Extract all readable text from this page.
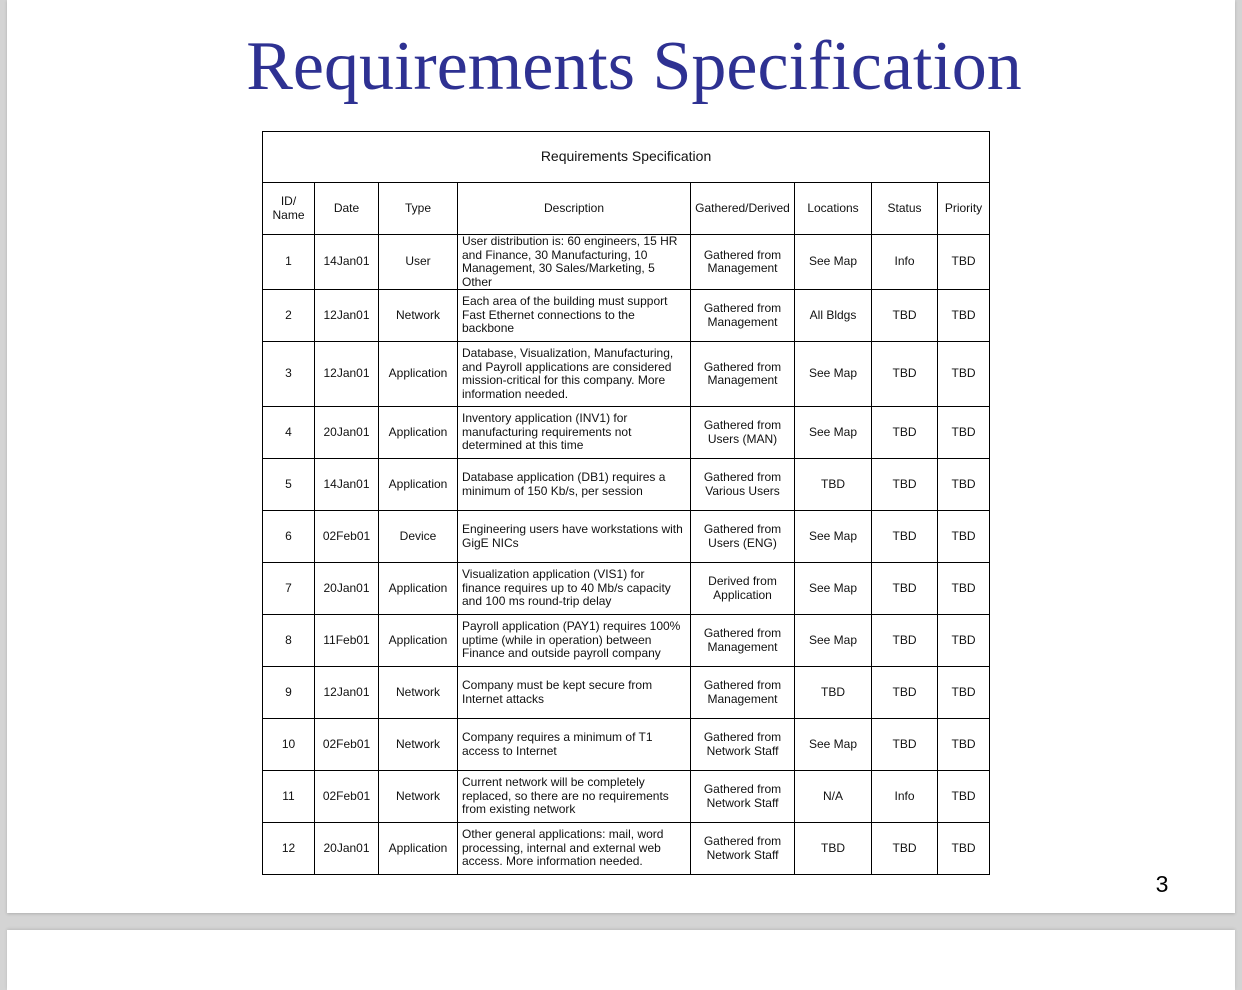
Requirements Specification
Requirements Specification							
ID/ Name	Date	Type	Description	Gathered/Derived	Locations	Status	Priority
1	14Jan01	User	User distribution is: 60 engineers, 15 HR and Finance, 30 Manufacturing, 10 Management, 30 Sales/Marketing, 5 Other	Gathered from Management	See Map	Info	TBD
2	12Jan01	Network	Each area of the building must support Fast Ethernet connections to the backbone	Gathered from Management	All Bldgs	TBD	TBD
3	12Jan01	Application	Database, Visualization, Manufacturing, and Payroll applications are considered mission-critical for this company. More information needed.	Gathered from Management	See Map	TBD	TBD
4	20Jan01	Application	Inventory application (INV1) for manufacturing requirements not determined at this time	Gathered from Users (MAN)	See Map	TBD	TBD
5	14Jan01	Application	Database application (DB1) requires a minimum of 150 Kb/s, per session	Gathered from Various Users	TBD	TBD	TBD
6	02Feb01	Device	Engineering users have workstations with GigE NICs	Gathered from Users (ENG)	See Map	TBD	TBD
7	20Jan01	Application	Visualization application (VIS1) for finance requires up to 40 Mb/s capacity and 100 ms round-trip delay	Derived from Application	See Map	TBD	TBD
8	11Feb01	Application	Payroll application (PAY1) requires 100% uptime (while in operation) between Finance and outside payroll company	Gathered from Management	See Map	TBD	TBD
9	12Jan01	Network	Company must be kept secure from Internet attacks	Gathered from Management	TBD	TBD	TBD
10	02Feb01	Network	Company requires a minimum of T1 access to Internet	Gathered from Network Staff	See Map	TBD	TBD
11	02Feb01	Network	Current network will be completely replaced, so there are no requirements from existing network	Gathered from Network Staff	N/A	Info	TBD
12	20Jan01	Application	Other general applications: mail, word processing, internal and external web access. More information needed.	Gathered from Network Staff	TBD	TBD	TBD
3
